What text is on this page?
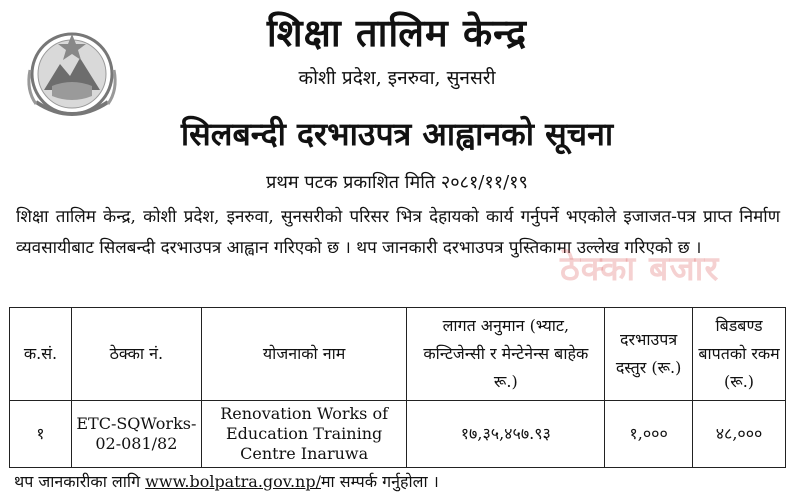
शिक्षा तालिम केन्द्र
कोशी प्रदेश, इनरुवा, सुनसरी
सिलबन्दी दरभाउपत्र आह्वानको सूचना
प्रथम पटक प्रकाशित मिति २०८१/११/१९
शिक्षा तालिम केन्द्र, कोशी प्रदेश, इनरुवा, सुनसरीको परिसर भित्र देहायको कार्य गर्नुपर्ने भएकोले इजाजत-पत्र प्राप्त निर्माण व्यवसायीबाट सिलबन्दी दरभाउपत्र आह्वान गरिएको छ । थप जानकारी दरभाउपत्र पुस्तिकामा उल्लेख गरिएको छ ।
ठेक्का बजार
क.सं.	ठेक्का नं.	योजनाको नाम	लागत अनुमान (भ्याट, कन्टिजेन्सी र मेन्टेनेन्स बाहेक रू.)	दरभाउपत्र दस्तुर (रू.)	बिडबण्ड बापतको रकम (रू.)
१	ETC-SQWorks-02-081/82	Renovation Works of Education Training Centre Inaruwa	१७,३५,४५७.९३	१,०००	४८,०००
थप जानकारीका लागि www.bolpatra.gov.np/मा सम्पर्क गर्नुहोला ।
